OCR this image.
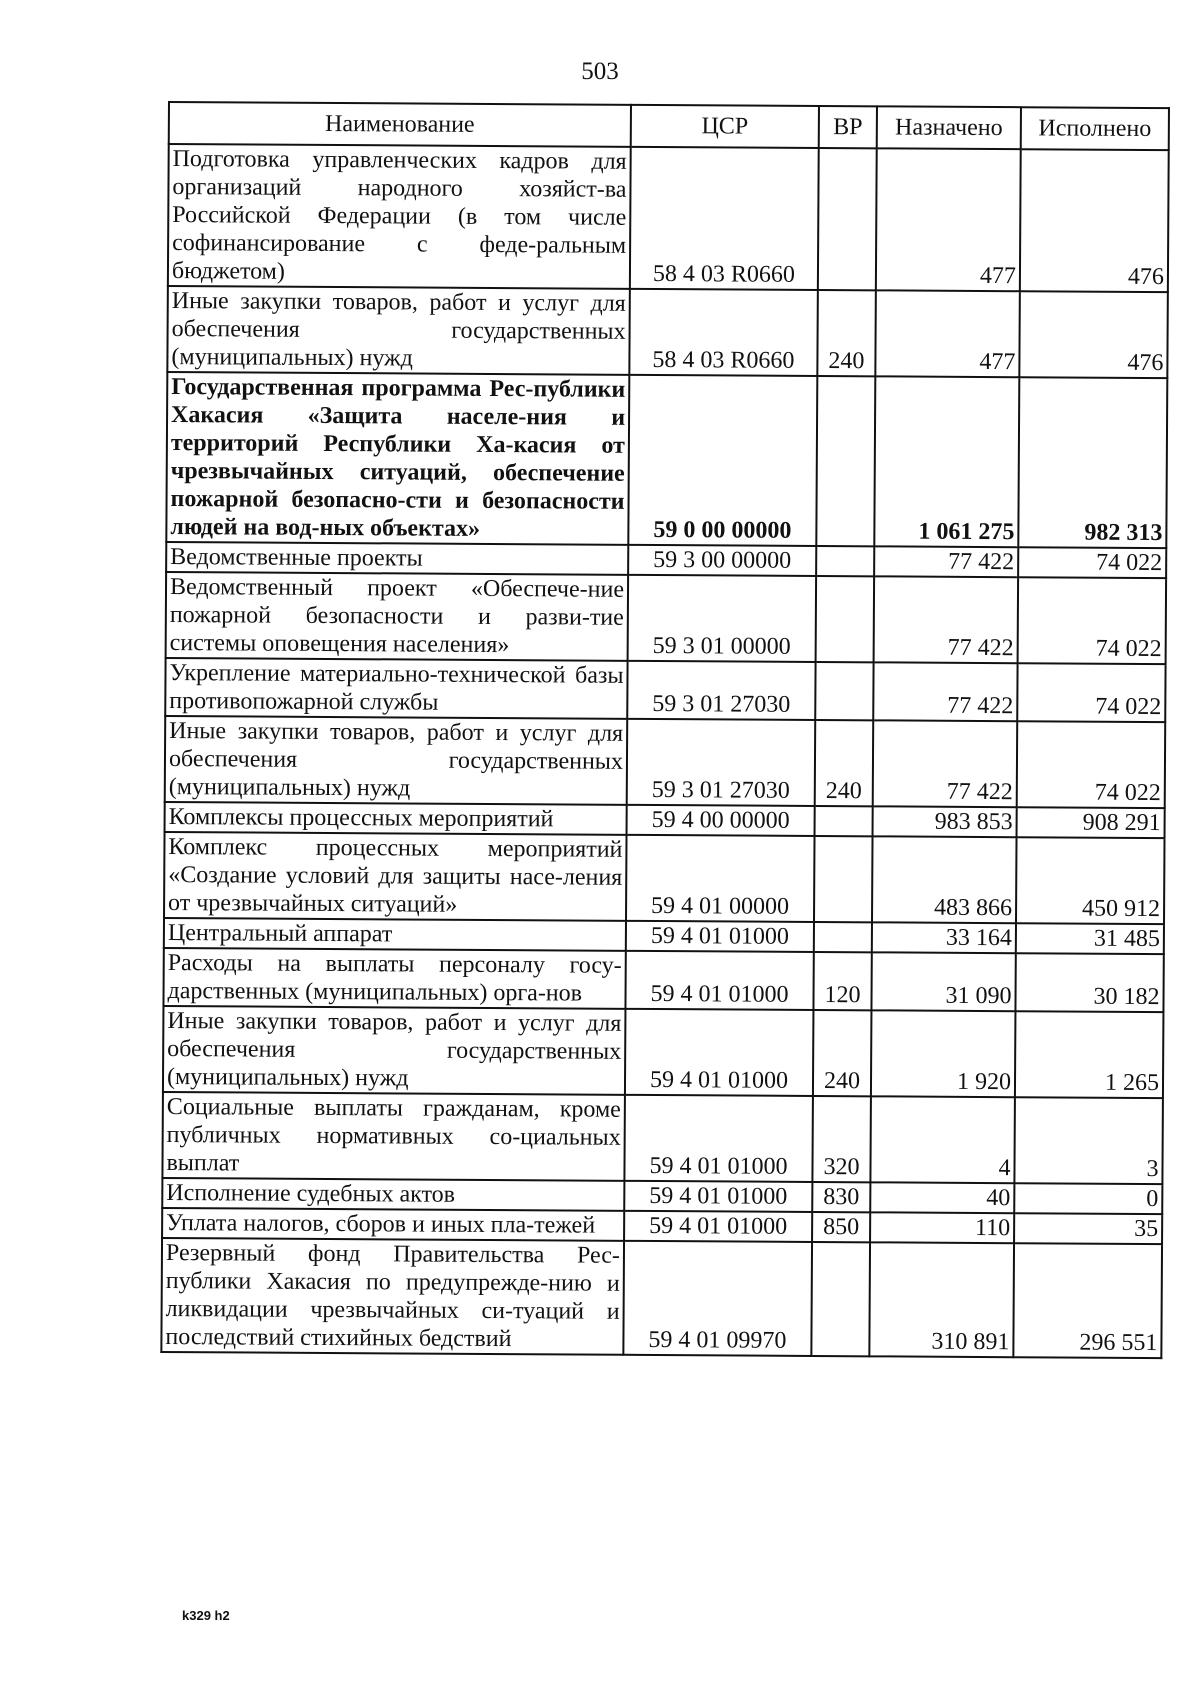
503
Наименование	ЦСР	ВР	Назначено	Исполнено
Подготовка управленческих кадров для организаций народного хозяйст-ва Российской Федерации (в том числе софинансирование с феде-ральным бюджетом)	58 4 03 R0660		477	476
Иные закупки товаров, работ и услуг для обеспечения государственных (муниципальных) нужд	58 4 03 R0660	240	477	476
Государственная программа Рес-публики Хакасия «Защита населе-ния и территорий Республики Ха-касия от чрезвычайных ситуаций, обеспечение пожарной безопасно-сти и безопасности людей на вод-ных объектах»	59 0 00 00000		1 061 275	982 313
Ведомственные проекты	59 3 00 00000		77 422	74 022
Ведомственный проект «Обеспече-ние пожарной безопасности и разви-тие системы оповещения населения»	59 3 01 00000		77 422	74 022
Укрепление материально-технической базы противопожарной службы	59 3 01 27030		77 422	74 022
Иные закупки товаров, работ и услуг для обеспечения государственных (муниципальных) нужд	59 3 01 27030	240	77 422	74 022
Комплексы процессных мероприятий	59 4 00 00000		983 853	908 291
Комплекс процессных мероприятий «Создание условий для защиты насе-ления от чрезвычайных ситуаций»	59 4 01 00000		483 866	450 912
Центральный аппарат	59 4 01 01000		33 164	31 485
Расходы на выплаты персоналу госу-дарственных (муниципальных) орга-нов	59 4 01 01000	120	31 090	30 182
Иные закупки товаров, работ и услуг для обеспечения государственных (муниципальных) нужд	59 4 01 01000	240	1 920	1 265
Социальные выплаты гражданам, кроме публичных нормативных со-циальных выплат	59 4 01 01000	320	4	3
Исполнение судебных актов	59 4 01 01000	830	40	0
Уплата налогов, сборов и иных пла-тежей	59 4 01 01000	850	110	35
Резервный фонд Правительства Рес-публики Хакасия по предупрежде-нию и ликвидации чрезвычайных си-туаций и последствий стихийных бедствий	59 4 01 09970		310 891	296 551
k329 h2
